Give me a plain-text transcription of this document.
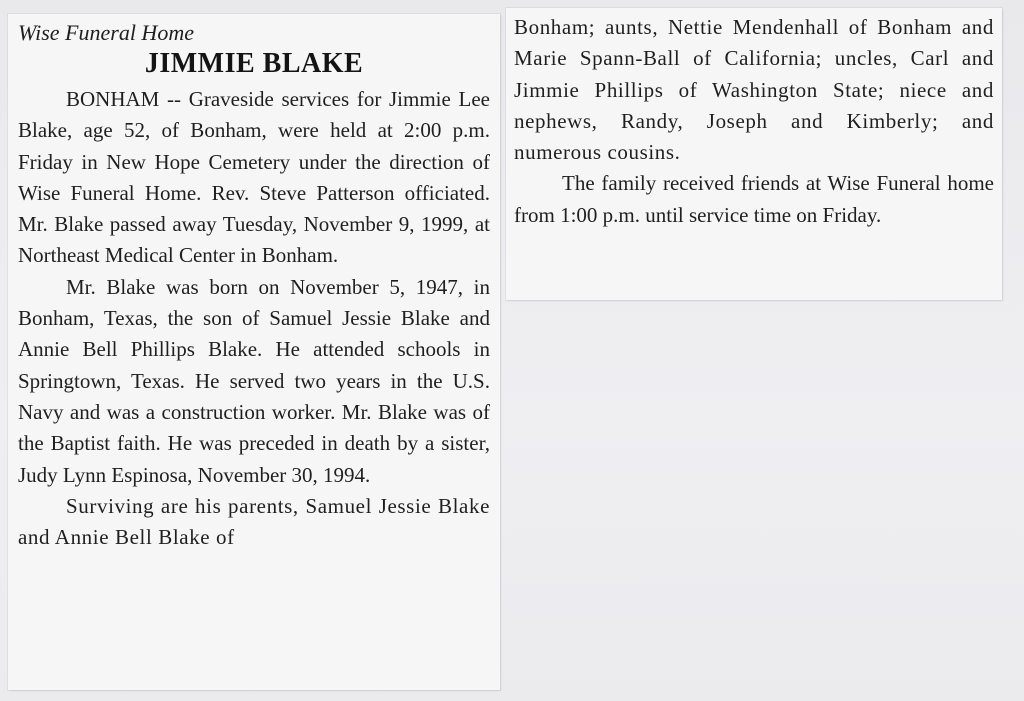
Wise Funeral Home

JIMMIE BLAKE

BONHAM -- Graveside services for Jimmie Lee Blake, age 52, of Bonham, were held at 2:00 p.m. Friday in New Hope Cemetery under the direction of Wise Funeral Home. Rev. Steve Patterson officiated. Mr. Blake passed away Tuesday, November 9, 1999, at Northeast Medical Center in Bonham.

Mr. Blake was born on November 5, 1947, in Bonham, Texas, the son of Samuel Jessie Blake and Annie Bell Phillips Blake. He attended schools in Springtown, Texas. He served two years in the U.S. Navy and was a construction worker. Mr. Blake was of the Baptist faith. He was preceded in death by a sister, Judy Lynn Espinosa, November 30, 1994.

Surviving are his parents, Samuel Jessie Blake and Annie Bell Blake of

Bonham; aunts, Nettie Mendenhall of Bonham and Marie Spann-Ball of California; uncles, Carl and Jimmie Phillips of Washington State; niece and nephews, Randy, Joseph and Kimberly; and numerous cousins.

The family received friends at Wise Funeral home from 1:00 p.m. until service time on Friday.
